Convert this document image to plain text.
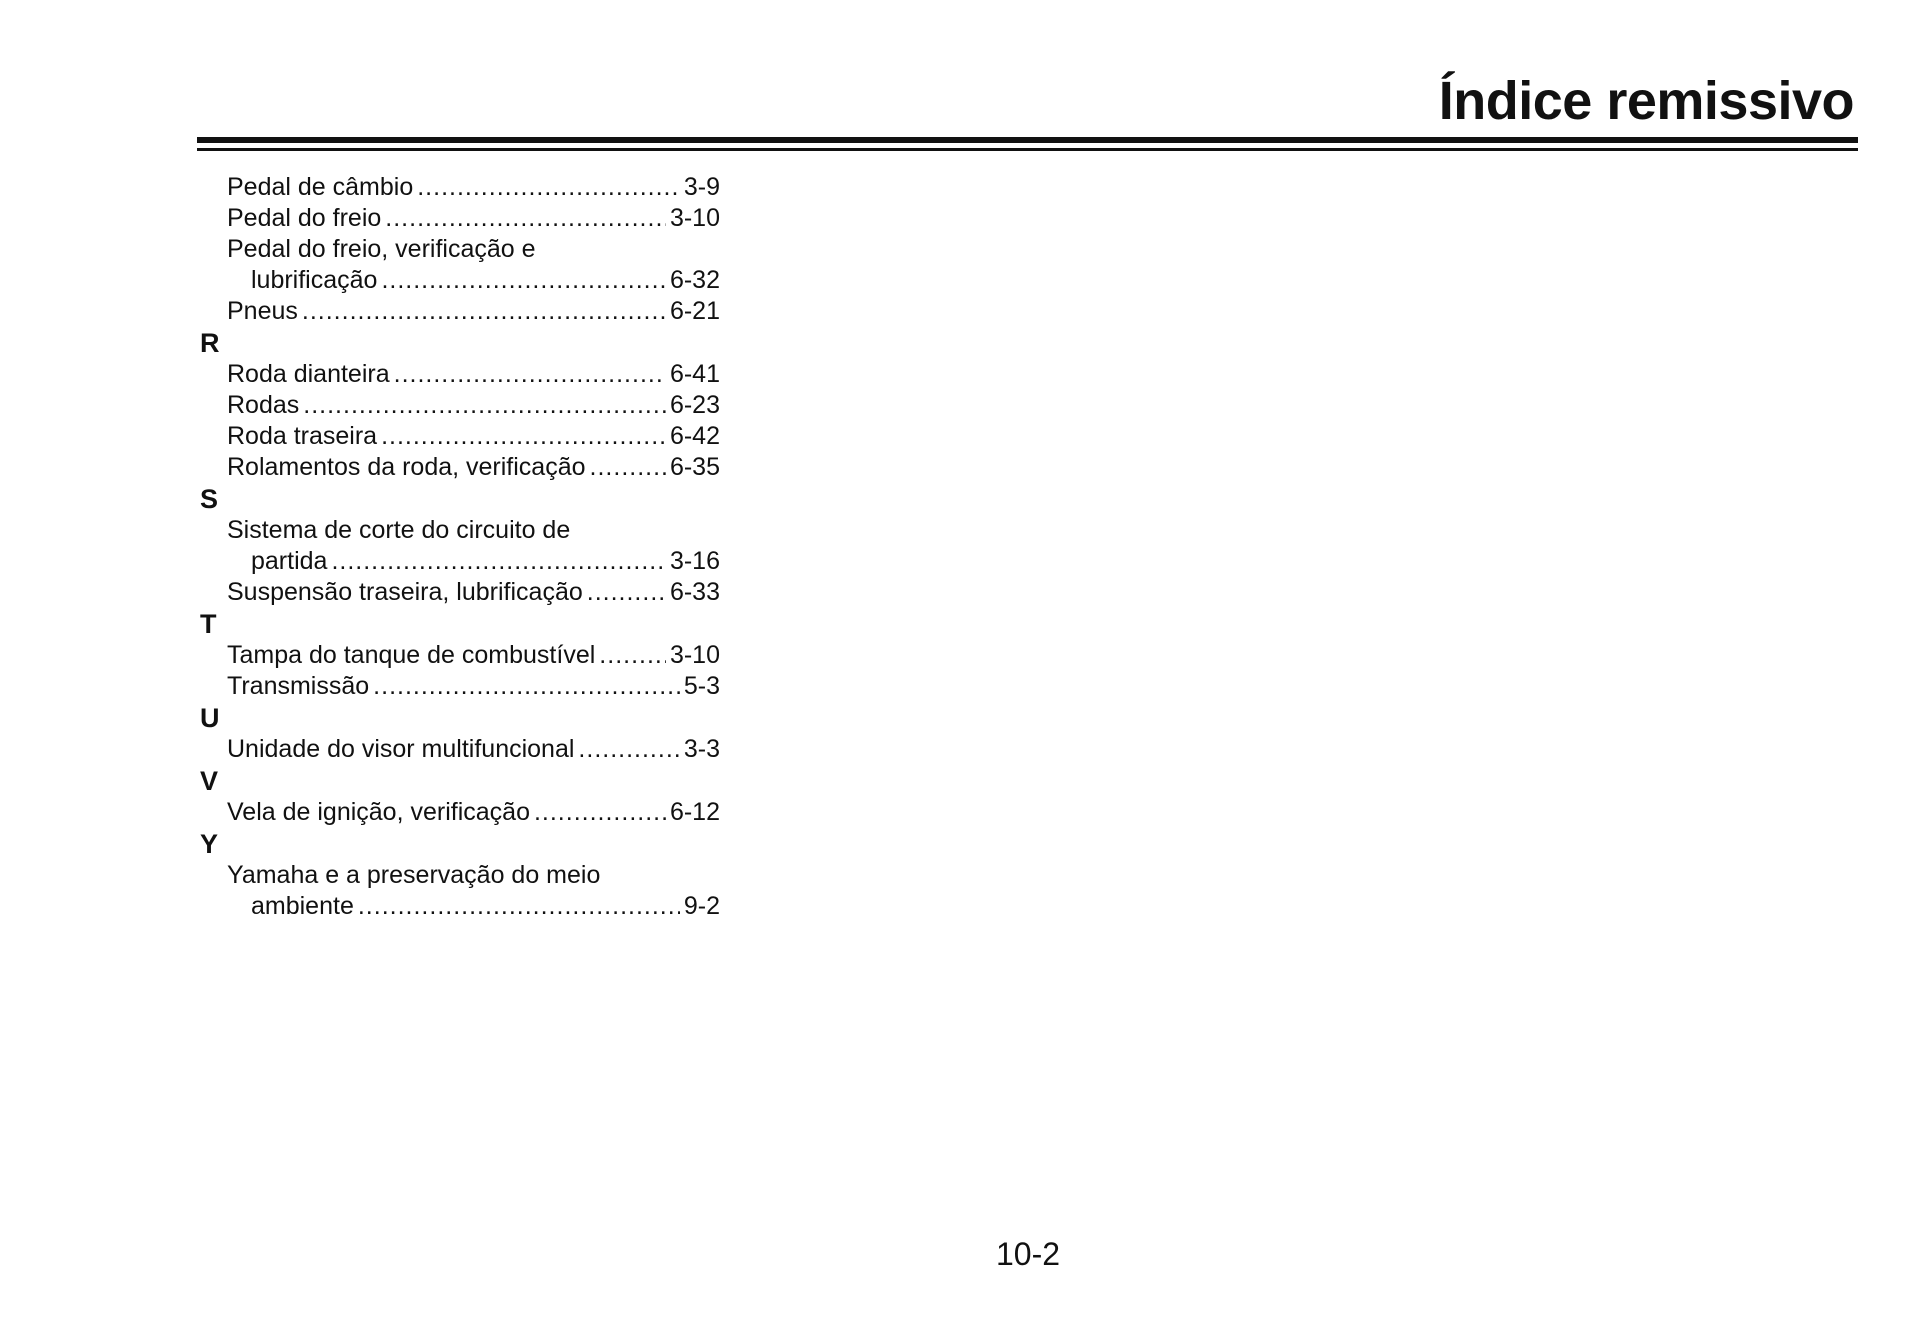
Índice remissivo
Pedal de câmbio .....	3-9
Pedal do freio .....	3-10
Pedal do freio, verificação e
lubrificação .....	6-32
Pneus .....	6-21
R
Roda dianteira .....	6-41
Rodas .....	6-23
Roda traseira .....	6-42
Rolamentos da roda, verificação .....	6-35
S
Sistema de corte do circuito de
partida .....	3-16
Suspensão traseira, lubrificação .....	6-33
T
Tampa do tanque de combustível .....	3-10
Transmissão .....	5-3
U
Unidade do visor multifuncional .....	3-3
V
Vela de ignição, verificação .....	6-12
Y
Yamaha e a preservação do meio
ambiente .....	9-2
10-2
